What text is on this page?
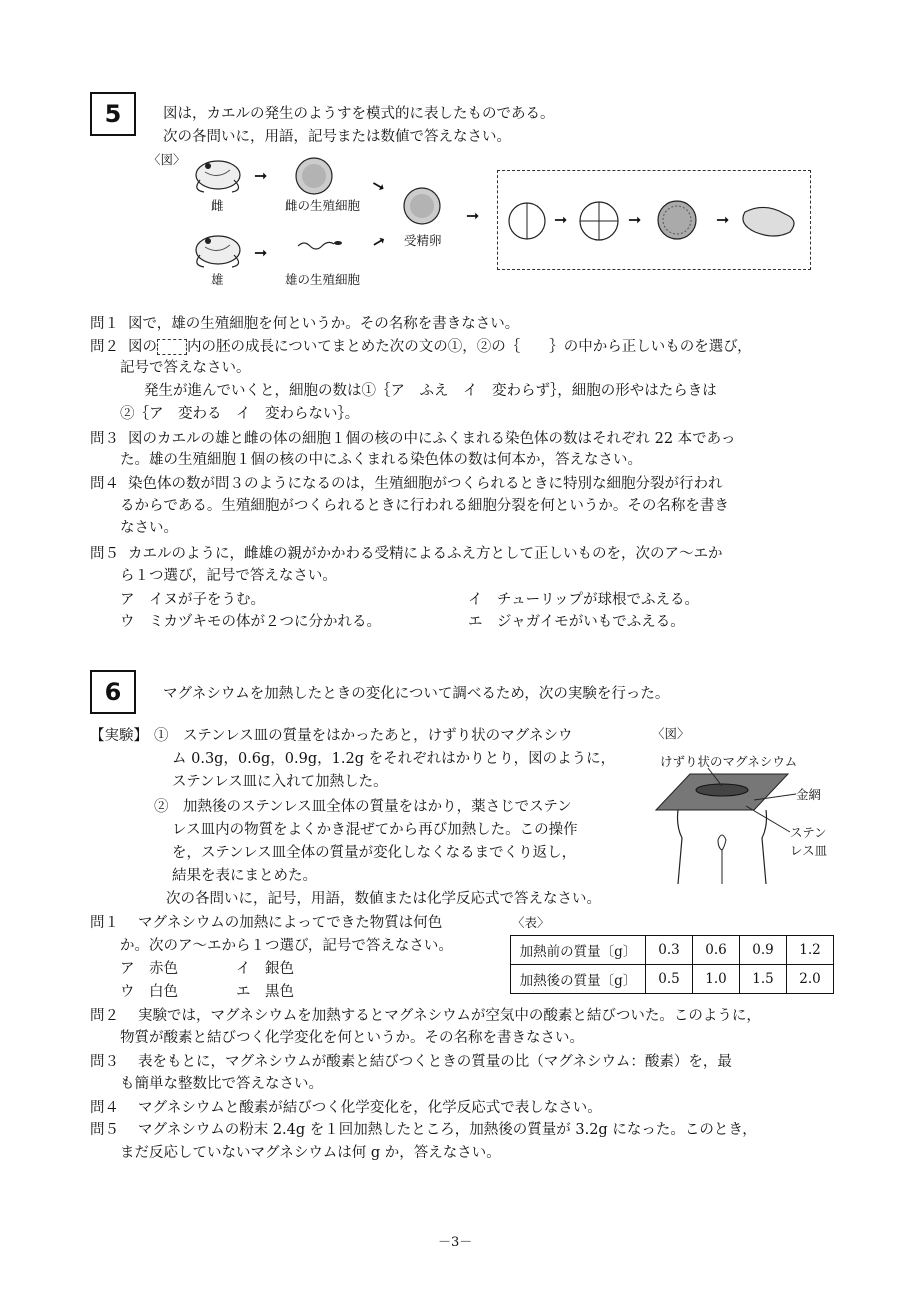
5	図は，カエルの発生のようすを模式的に表したものである。
次の各問いに，用語，記号または数値で答えなさい。
〈図〉
➞
➞
➞
➞
➞	➞	➞	➞
雌	雌の生殖細胞
雄	雄の生殖細胞
受精卵
問１ 図で，雄の生殖細胞を何というか。その名称を書きなさい。
問２ 図の 内の胚の成長についてまとめた次の文の①，②の｛　　｝の中から正しいものを選び，
記号で答えなさい。
発生が進んでいくと，細胞の数は①｛ア　ふえ　イ　変わらず｝，細胞の形やはたらきは
②｛ア　変わる　イ　変わらない｝。
問３ 図のカエルの雄と雌の体の細胞１個の核の中にふくまれる染色体の数はそれぞれ 22 本であっ
た。雄の生殖細胞１個の核の中にふくまれる染色体の数は何本か，答えなさい。
問４ 染色体の数が問３のようになるのは，生殖細胞がつくられるときに特別な細胞分裂が行われ
るからである。生殖細胞がつくられるときに行われる細胞分裂を何というか。その名称を書き
なさい。
問５ カエルのように，雌雄の親がかかわる受精によるふえ方として正しいものを，次のア～エか
ら１つ選び，記号で答えなさい。
ア　イヌが子をうむ。	イ　チューリップが球根でふえる。
ウ　ミカヅキモの体が２つに分かれる。	エ　ジャガイモがいもでふえる。
6	マグネシウムを加熱したときの変化について調べるため，次の実験を行った。
【実験】 ①　ステンレス皿の質量をはかったあと，けずり状のマグネシウ
ム 0.3g，0.6g，0.9g，1.2g をそれぞれはかりとり，図のように，
ステンレス皿に入れて加熱した。
②　加熱後のステンレス皿全体の質量をはかり，薬さじでステン
レス皿内の物質をよくかき混ぜてから再び加熱した。この操作
を，ステンレス皿全体の質量が変化しなくなるまでくり返し，
結果を表にまとめた。
次の各問いに，記号，用語，数値または化学反応式で答えなさい。
〈図〉
けずり状のマグネシウム
金網
ステン
レス皿
問１ マグネシウムの加熱によってできた物質は何色
か。次のア～エから１つ選び，記号で答えなさい。
ア　赤色	イ　銀色
ウ　白色	エ　黒色
〈表〉
加熱前の質量〔g〕	0.3	0.6	0.9	1.2
加熱後の質量〔g〕	0.5	1.0	1.5	2.0
問２ 実験では，マグネシウムを加熱するとマグネシウムが空気中の酸素と結びついた。このように，
物質が酸素と結びつく化学変化を何というか。その名称を書きなさい。
問３ 表をもとに，マグネシウムが酸素と結びつくときの質量の比（マグネシウム：酸素）を，最
も簡単な整数比で答えなさい。
問４ マグネシウムと酸素が結びつく化学変化を，化学反応式で表しなさい。
問５ マグネシウムの粉末 2.4g を１回加熱したところ，加熱後の質量が 3.2g になった。このとき，
まだ反応していないマグネシウムは何 g か，答えなさい。
－3－
